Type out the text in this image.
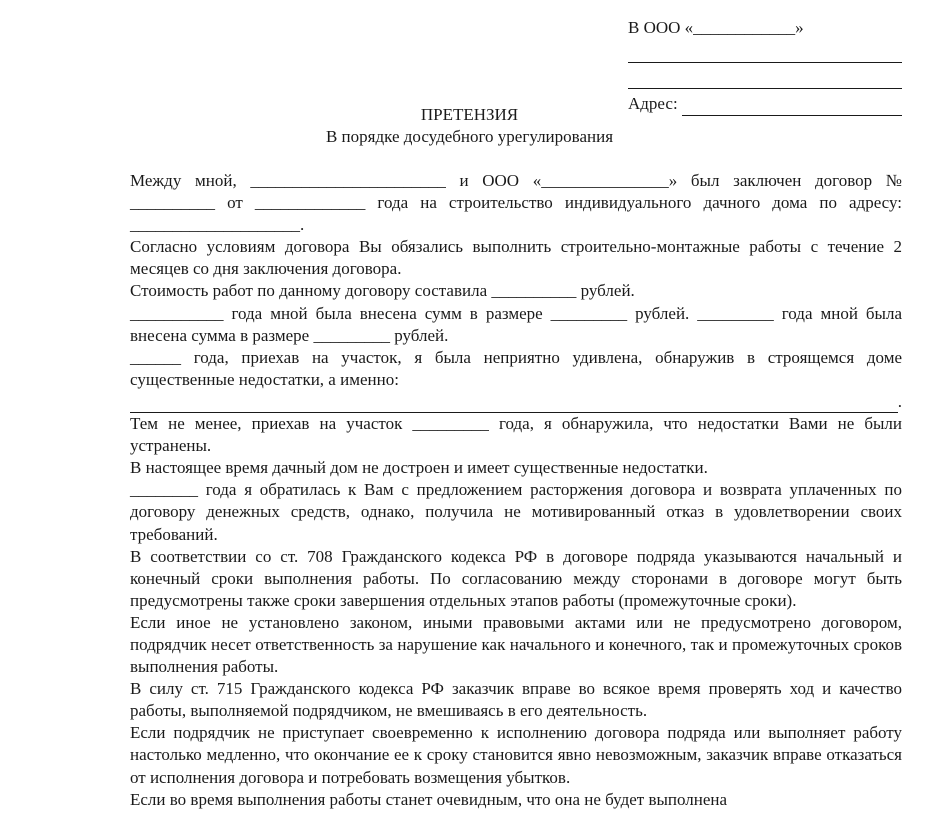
В ООО «____________»
Адрес:
ПРЕТЕНЗИЯ
В порядке досудебного урегулирования

Между мной, _______________________ и ООО «_______________» был заключен договор № __________ от _____________ года на строительство индивидуального дачного дома по адресу: ____________________.

Согласно условиям договора Вы обязались выполнить строительно-монтажные работы с течение 2 месяцев со дня заключения договора.

Стоимость работ по данному договору составила __________ рублей.

___________ года мной была внесена сумм в размере _________ рублей. _________ года мной была внесена сумма в размере _________ рублей.

______ года, приехав на участок, я была неприятно удивлена, обнаружив в строящемся доме существенные недостатки, а именно:

.

Тем не менее, приехав на участок _________ года, я обнаружила, что недостатки Вами не были устранены.

В настоящее время дачный дом не достроен и имеет существенные недостатки.

________ года я обратилась к Вам с предложением расторжения договора и возврата уплаченных по договору денежных средств, однако, получила не мотивированный отказ в удовлетворении своих требований.

В соответствии со ст. 708 Гражданского кодекса РФ в договоре подряда указываются начальный и конечный сроки выполнения работы. По согласованию между сторонами в договоре могут быть предусмотрены также сроки завершения отдельных этапов работы (промежуточные сроки).

Если иное не установлено законом, иными правовыми актами или не предусмотрено договором, подрядчик несет ответственность за нарушение как начального и конечного, так и промежуточных сроков выполнения работы.

В силу ст. 715 Гражданского кодекса РФ заказчик вправе во всякое время проверять ход и качество работы, выполняемой подрядчиком, не вмешиваясь в его деятельность.

Если подрядчик не приступает своевременно к исполнению договора подряда или выполняет работу настолько медленно, что окончание ее к сроку становится явно невозможным, заказчик вправе отказаться от исполнения договора и потребовать возмещения убытков.

Если во время выполнения работы станет очевидным, что она не будет выполнена
